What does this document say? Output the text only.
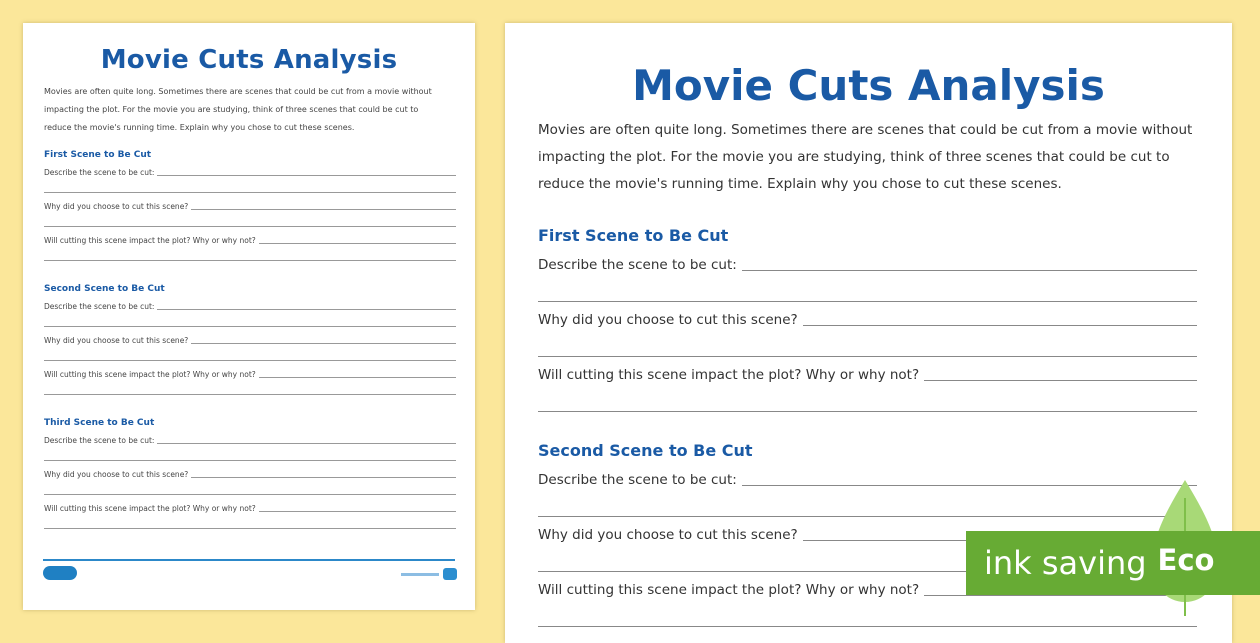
Movie Cuts Analysis
Movies are often quite long. Sometimes there are scenes that could be cut from a movie without
impacting the plot. For the movie you are studying, think of three scenes that could be cut to
reduce the movie's running time. Explain why you chose to cut these scenes.
First Scene to Be Cut
Describe the scene to be cut:
Why did you choose to cut this scene?
Will cutting this scene impact the plot? Why or why not?
Second Scene to Be Cut
Describe the scene to be cut:
Why did you choose to cut this scene?
Will cutting this scene impact the plot? Why or why not?
Third Scene to Be Cut
Describe the scene to be cut:
Why did you choose to cut this scene?
Will cutting this scene impact the plot? Why or why not?
Movie Cuts Analysis
Movies are often quite long. Sometimes there are scenes that could be cut from a movie without
impacting the plot. For the movie you are studying, think of three scenes that could be cut to
reduce the movie's running time. Explain why you chose to cut these scenes.
First Scene to Be Cut
Describe the scene to be cut:
Why did you choose to cut this scene?
Will cutting this scene impact the plot? Why or why not?
Second Scene to Be Cut
Describe the scene to be cut:
Why did you choose to cut this scene?
Will cutting this scene impact the plot? Why or why not?
ink saving Eco
